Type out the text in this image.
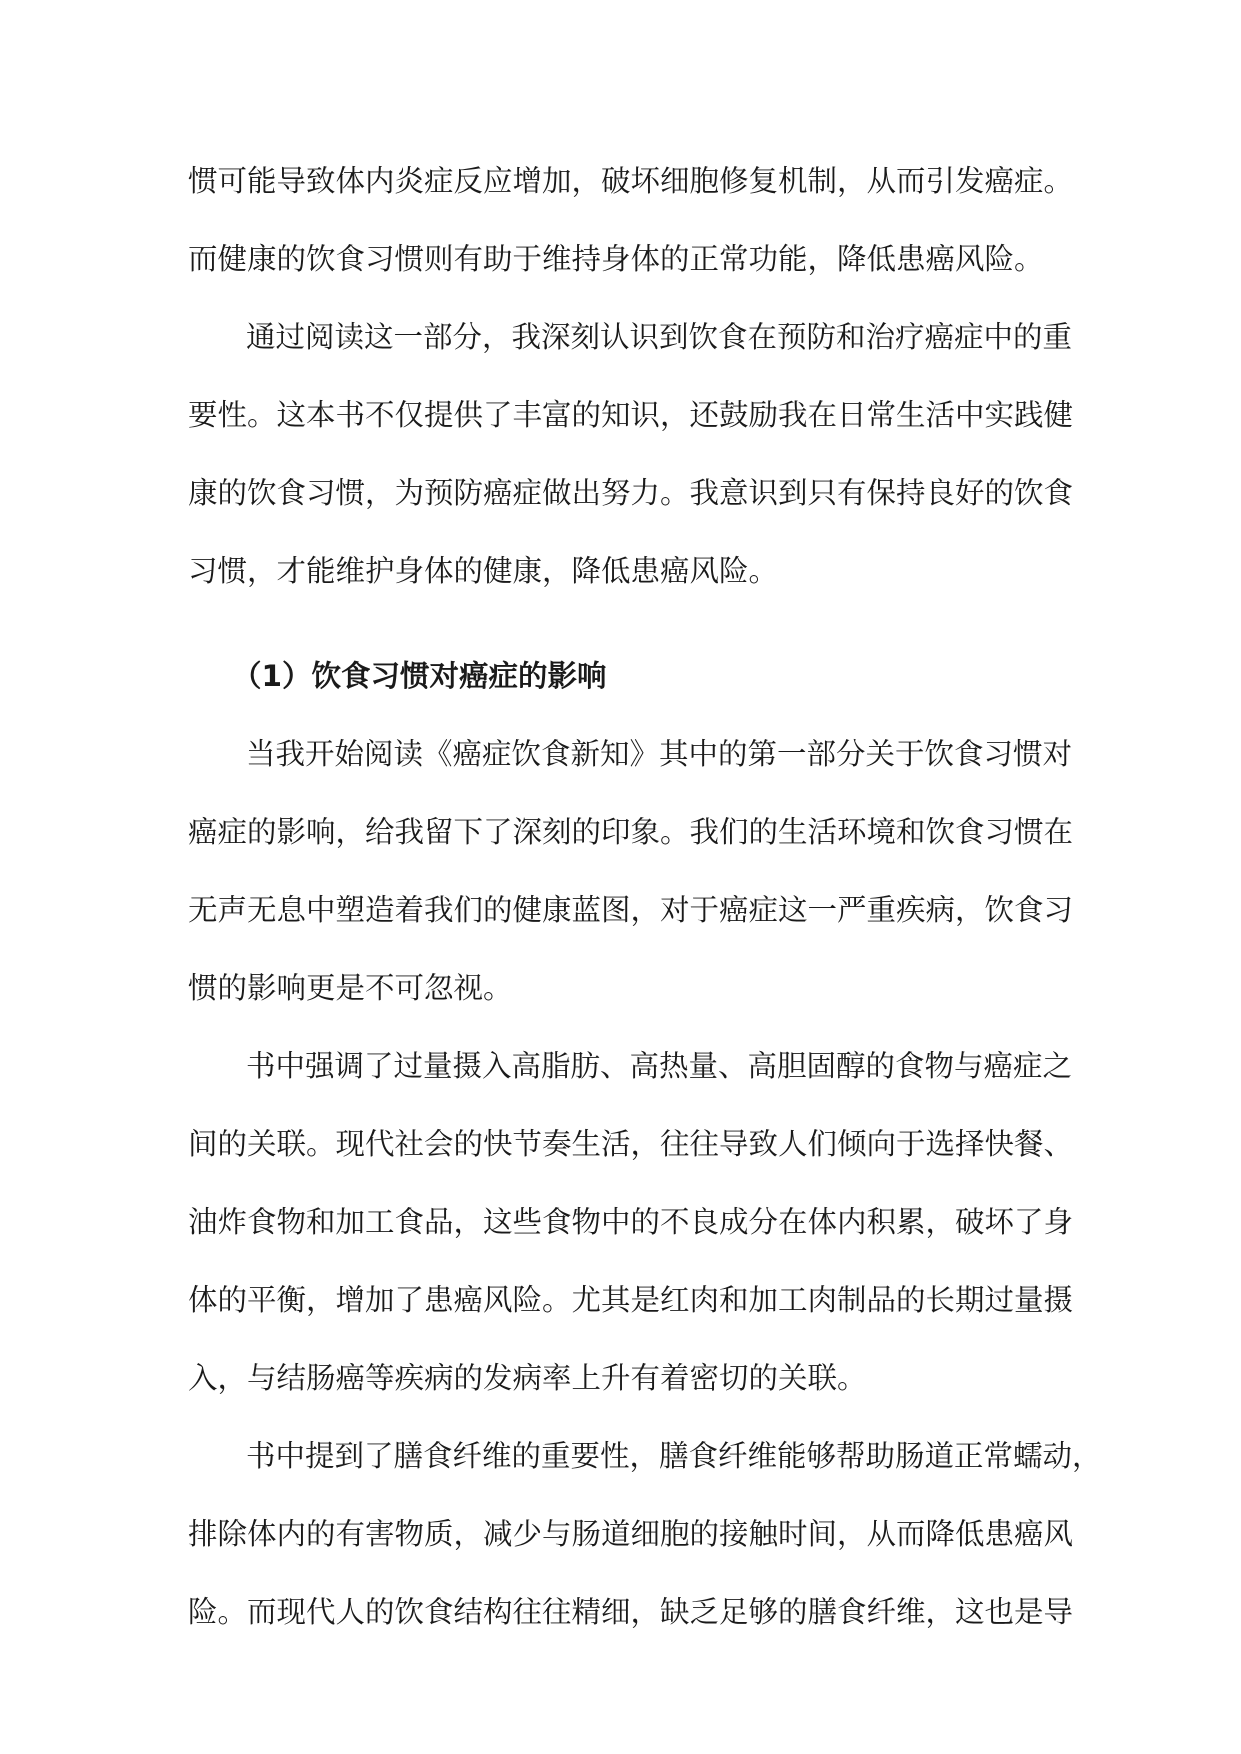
惯可能导致体内炎症反应增加，破坏细胞修复机制，从而引发癌症。
而健康的饮食习惯则有助于维持身体的正常功能，降低患癌风险。
通过阅读这一部分，我深刻认识到饮食在预防和治疗癌症中的重
要性。这本书不仅提供了丰富的知识，还鼓励我在日常生活中实践健
康的饮食习惯，为预防癌症做出努力。我意识到只有保持良好的饮食
习惯，才能维护身体的健康，降低患癌风险。
（1）饮食习惯对癌症的影响
当我开始阅读《癌症饮食新知》其中的第一部分关于饮食习惯对
癌症的影响，给我留下了深刻的印象。我们的生活环境和饮食习惯在
无声无息中塑造着我们的健康蓝图，对于癌症这一严重疾病，饮食习
惯的影响更是不可忽视。
书中强调了过量摄入高脂肪、高热量、高胆固醇的食物与癌症之
间的关联。现代社会的快节奏生活，往往导致人们倾向于选择快餐、
油炸食物和加工食品，这些食物中的不良成分在体内积累，破坏了身
体的平衡，增加了患癌风险。尤其是红肉和加工肉制品的长期过量摄
入，与结肠癌等疾病的发病率上升有着密切的关联。
书中提到了膳食纤维的重要性，膳食纤维能够帮助肠道正常蠕动，
排除体内的有害物质，减少与肠道细胞的接触时间，从而降低患癌风
险。而现代人的饮食结构往往精细，缺乏足够的膳食纤维，这也是导
